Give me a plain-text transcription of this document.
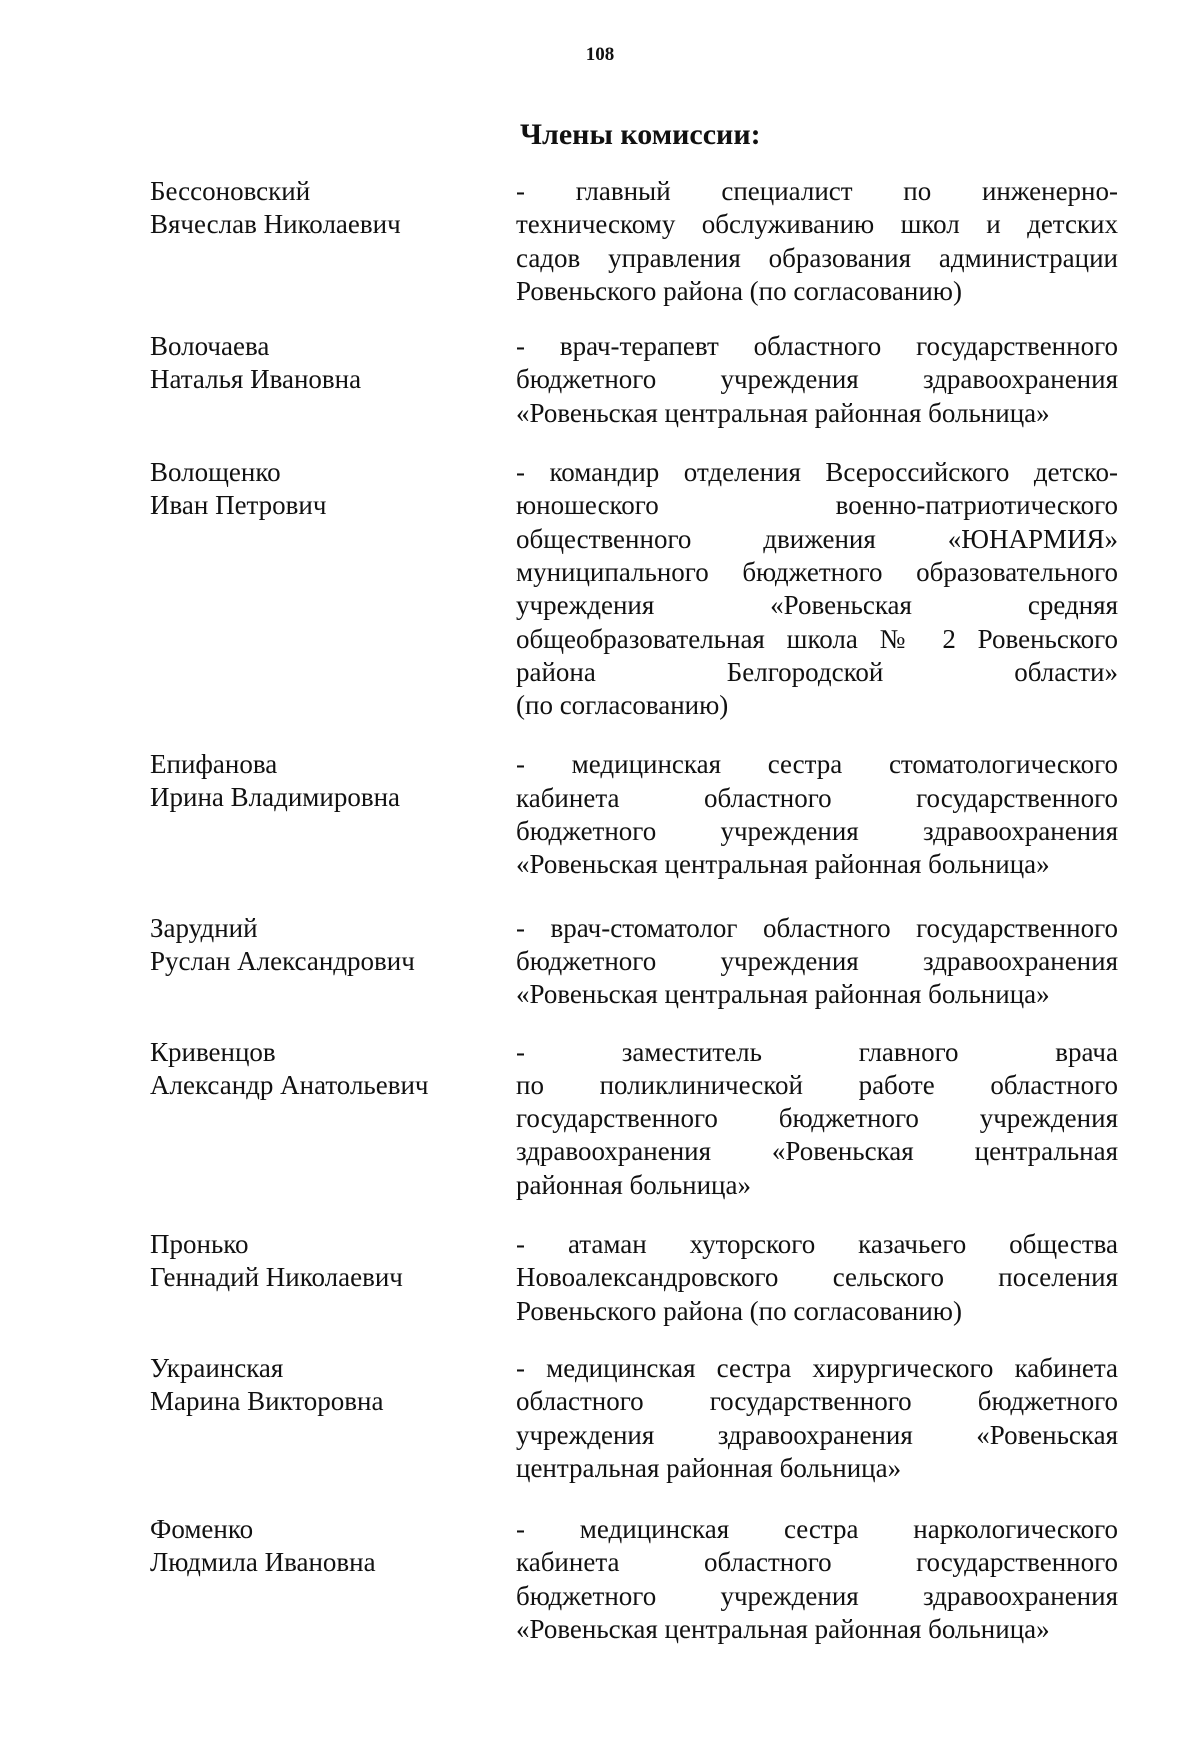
108
Члены комиссии:
Бессоновский
Вячеслав Николаевич
- главный специалист по инженерно-
техническому обслуживанию школ и детских
садов управления образования администрации
Ровеньского района (по согласованию)
Волочаева
Наталья Ивановна
- врач-терапевт областного государственного
бюджетного учреждения здравоохранения
«Ровеньская центральная районная больница»
Волощенко
Иван Петрович
- командир отделения Всероссийского детско-
юношеского военно-патриотического
общественного движения «ЮНАРМИЯ»
муниципального бюджетного образовательного
учреждения «Ровеньская средняя
общеобразовательная школа № 2 Ровеньского
района Белгородской области»
(по согласованию)
Епифанова
Ирина Владимировна
- медицинская сестра стоматологического
кабинета областного государственного
бюджетного учреждения здравоохранения
«Ровеньская центральная районная больница»
Зарудний
Руслан Александрович
- врач-стоматолог областного государственного
бюджетного учреждения здравоохранения
«Ровеньская центральная районная больница»
Кривенцов
Александр Анатольевич
- заместитель главного врача
по поликлинической работе областного
государственного бюджетного учреждения
здравоохранения «Ровеньская центральная
районная больница»
Пронько
Геннадий Николаевич
- атаман хуторского казачьего общества
Новоалександровского сельского поселения
Ровеньского района (по согласованию)
Украинская
Марина Викторовна
- медицинская сестра хирургического кабинета
областного государственного бюджетного
учреждения здравоохранения «Ровеньская
центральная районная больница»
Фоменко
Людмила Ивановна
- медицинская сестра наркологического
кабинета областного государственного
бюджетного учреждения здравоохранения
«Ровеньская центральная районная больница»
